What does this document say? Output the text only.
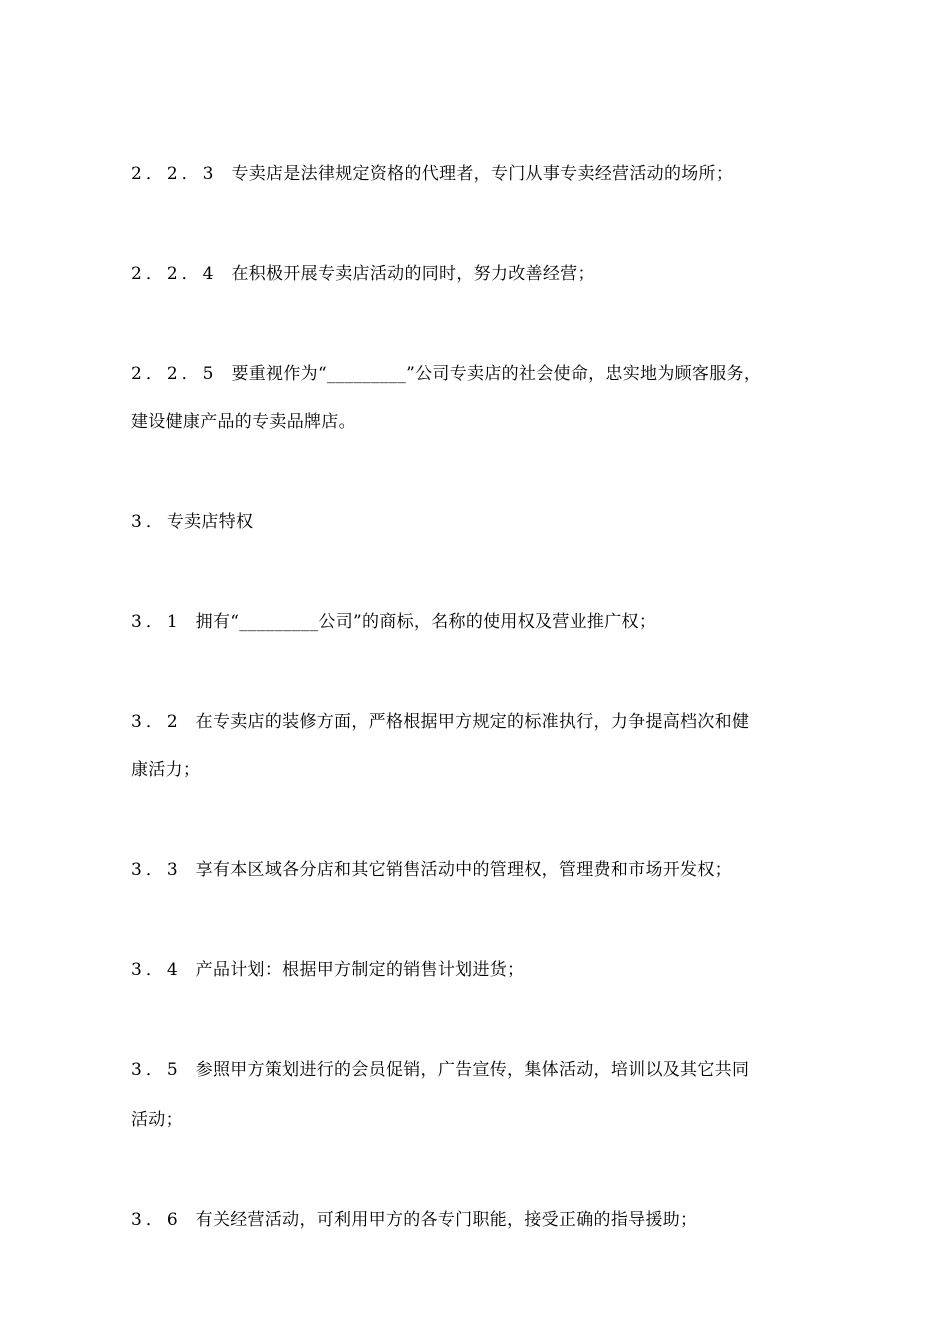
2．2．3 专卖店是法律规定资格的代理者，专门从事专卖经营活动的场所；
2．2．4 在积极开展专卖店活动的同时，努力改善经营；
2．2．5 要重视作为“_________”公司专卖店的社会使命，忠实地为顾客服务，
建设健康产品的专卖品牌店。
3．专卖店特权
3．1 拥有“_________公司”的商标，名称的使用权及营业推广权；
3．2 在专卖店的装修方面，严格根据甲方规定的标准执行，力争提高档次和健
康活力；
3．3 享有本区域各分店和其它销售活动中的管理权，管理费和市场开发权；
3．4 产品计划：根据甲方制定的销售计划进货；
3．5 参照甲方策划进行的会员促销，广告宣传，集体活动，培训以及其它共同
活动；
3．6 有关经营活动，可利用甲方的各专门职能，接受正确的指导援助；
